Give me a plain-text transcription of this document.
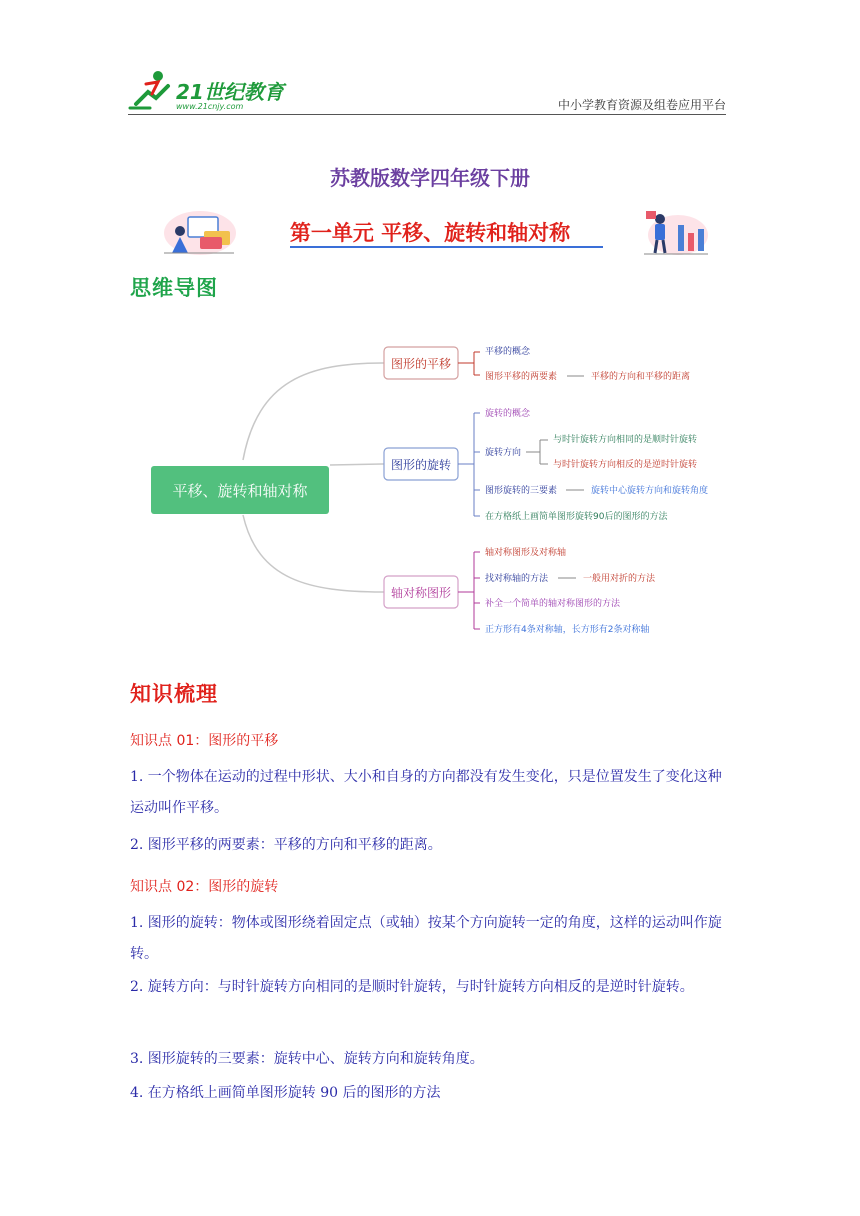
21世纪教育
www.21cnjy.com	中小学教育资源及组卷应用平台
苏教版数学四年级下册
第一单元 平移、旋转和轴对称
思维导图
平移、旋转和轴对称
图形的平移
平移的概念
图形平移的两要素	平移的方向和平移的距离
图形的旋转
旋转的概念
旋转方向
与时针旋转方向相同的是顺时针旋转
与时针旋转方向相反的是逆时针旋转
图形旋转的三要素	旋转中心旋转方向和旋转角度
在方格纸上画简单图形旋转90后的图形的方法
轴对称图形
轴对称图形及对称轴
找对称轴的方法	一般用对折的方法
补全一个简单的轴对称图形的方法
正方形有4条对称轴，长方形有2条对称轴
知识梳理
知识点 01：图形的平移
1. 一个物体在运动的过程中形状、大小和自身的方向都没有发生变化，只是位置发生了变化这种运动叫作平移。
2. 图形平移的两要素：平移的方向和平移的距离。
知识点 02：图形的旋转
1. 图形的旋转：物体或图形绕着固定点（或轴）按某个方向旋转一定的角度，这样的运动叫作旋转。
2. 旋转方向：与时针旋转方向相同的是顺时针旋转，与时针旋转方向相反的是逆时针旋转。
3. 图形旋转的三要素：旋转中心、旋转方向和旋转角度。
4. 在方格纸上画简单图形旋转 90 后的图形的方法
